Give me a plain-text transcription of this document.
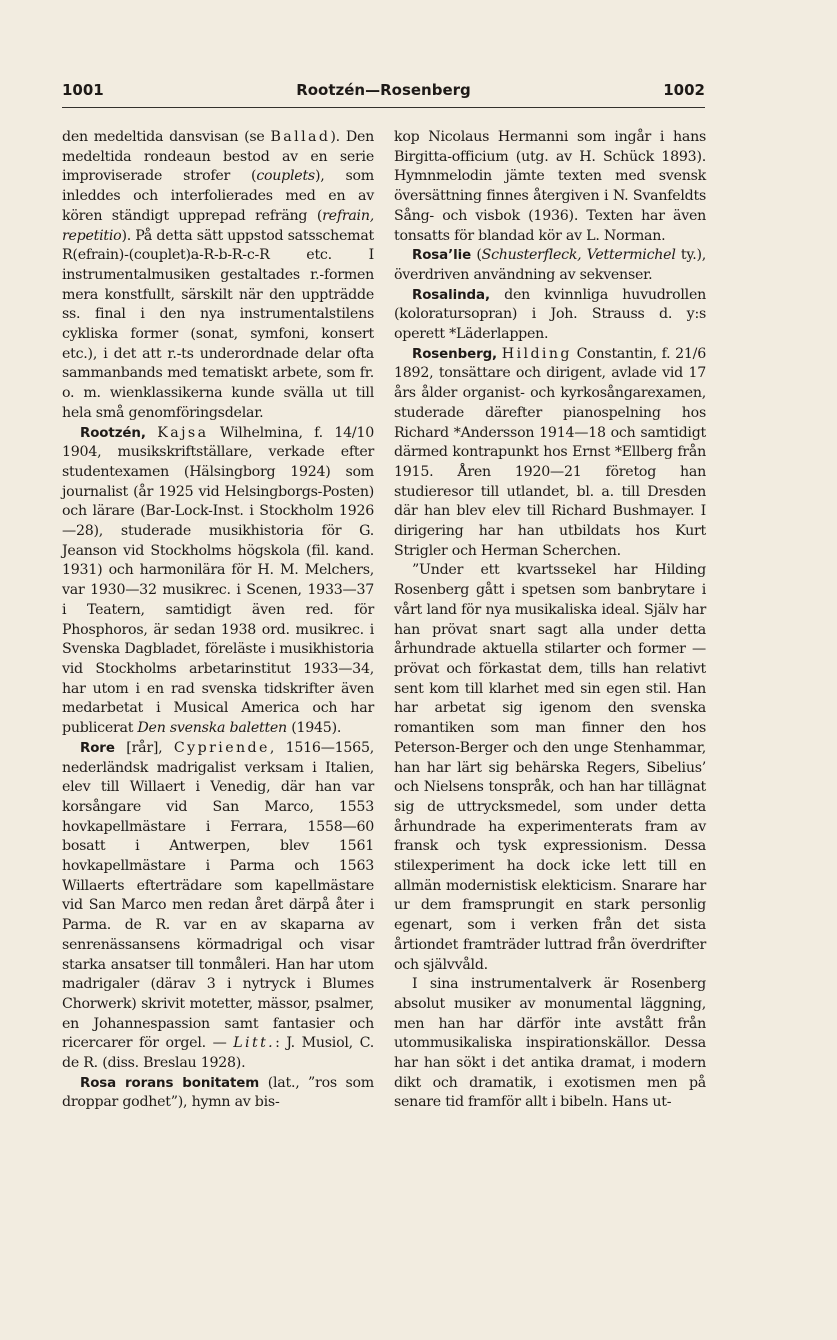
1001	Rootzén—Rosenberg	1002

den medeltida dansvisan (se Ballad). Den medeltida rondeaun bestod av en serie improviserade strofer (couplets), som inleddes och interfolierades med en av kören ständigt upprepad refräng (refrain, repetitio). På detta sätt uppstod satsschemat R(efrain)-(couplet)a-R-b-R-c-R etc. I instrumentalmusiken gestaltades r.-formen mera konstfullt, särskilt när den uppträdde ss. final i den nya instrumentalstilens cykliska former (sonat, symfoni, konsert etc.), i det att r.-ts underordnade delar ofta sammanbands med tematiskt arbete, som fr. o. m. wienklassikerna kunde svälla ut till hela små genomföringsdelar.

Rootzén, Kajsa Wilhelmina, f. 14/10 1904, musikskriftställare, verkade efter studentexamen (Hälsingborg 1924) som journalist (år 1925 vid Helsingborgs-Posten) och lärare (Bar-Lock-Inst. i Stockholm 1926—28), studerade musikhistoria för G. Jeanson vid Stockholms högskola (fil. kand. 1931) och harmonilära för H. M. Melchers, var 1930—32 musikrec. i Scenen, 1933—37 i Teatern, samtidigt även red. för Phosphoros, är sedan 1938 ord. musikrec. i Svenska Dagbladet, föreläste i musikhistoria vid Stockholms arbetarinstitut 1933—34, har utom i en rad svenska tidskrifter även medarbetat i Musical America och har publicerat Den svenska baletten (1945).

Rore [rår], Cypriende, 1516—1565, nederländsk madrigalist verksam i Italien, elev till Willaert i Venedig, där han var korsångare vid San Marco, 1553 hovkapellmästare i Ferrara, 1558—60 bosatt i Antwerpen, blev 1561 hovkapellmästare i Parma och 1563 Willaerts efterträdare som kapellmästare vid San Marco men redan året därpå åter i Parma. de R. var en av skaparna av senrenässansens körmadrigal och visar starka ansatser till tonmåleri. Han har utom madrigaler (därav 3 i nytryck i Blumes Chorwerk) skrivit motetter, mässor, psalmer, en Johannespassion samt fantasier och ricercarer för orgel. — Litt.: J. Musiol, C. de R. (diss. Breslau 1928).

Rosa rorans bonitatem (lat., ”ros som droppar godhet”), hymn av bis-

kop Nicolaus Hermanni som ingår i hans Birgitta-officium (utg. av H. Schück 1893). Hymnmelodin jämte texten med svensk översättning finnes återgiven i N. Svanfeldts Sång- och visbok (1936). Texten har även tonsatts för blandad kör av L. Norman.

Rosa’lie (Schusterfleck, Vettermichel ty.), överdriven användning av sekvenser.

Rosalinda, den kvinnliga huvudrollen (koloratursopran) i Joh. Strauss d. y:s operett *Läderlappen.

Rosenberg, Hilding Constantin, f. 21/6 1892, tonsättare och dirigent, avlade vid 17 års ålder organist- och kyrkosångarexamen, studerade därefter pianospelning hos Richard *Andersson 1914—18 och samtidigt därmed kontrapunkt hos Ernst *Ellberg från 1915. Åren 1920—21 företog han studieresor till utlandet, bl. a. till Dresden där han blev elev till Richard Bushmayer. I dirigering har han utbildats hos Kurt Strigler och Herman Scherchen.

”Under ett kvartssekel har Hilding Rosenberg gått i spetsen som banbrytare i vårt land för nya musikaliska ideal. Själv har han prövat snart sagt alla under detta århundrade aktuella stilarter och former — prövat och förkastat dem, tills han relativt sent kom till klarhet med sin egen stil. Han har arbetat sig igenom den svenska romantiken som man finner den hos Peterson-Berger och den unge Stenhammar, han har lärt sig behärska Regers, Sibelius’ och Nielsens tonspråk, och han har tillägnat sig de uttrycksmedel, som under detta århundrade ha experimenterats fram av fransk och tysk expressionism. Dessa stilexperiment ha dock icke lett till en allmän modernistisk elekticism. Snarare har ur dem framsprungit en stark personlig egenart, som i verken från det sista årtiondet framträder luttrad från överdrifter och självvåld.

I sina instrumentalverk är Rosenberg absolut musiker av monumental läggning, men han har därför inte avstått från utommusikaliska inspirationskällor. Dessa har han sökt i det antika dramat, i modern dikt och dramatik, i exotismen men på senare tid framför allt i bibeln. Hans ut-
